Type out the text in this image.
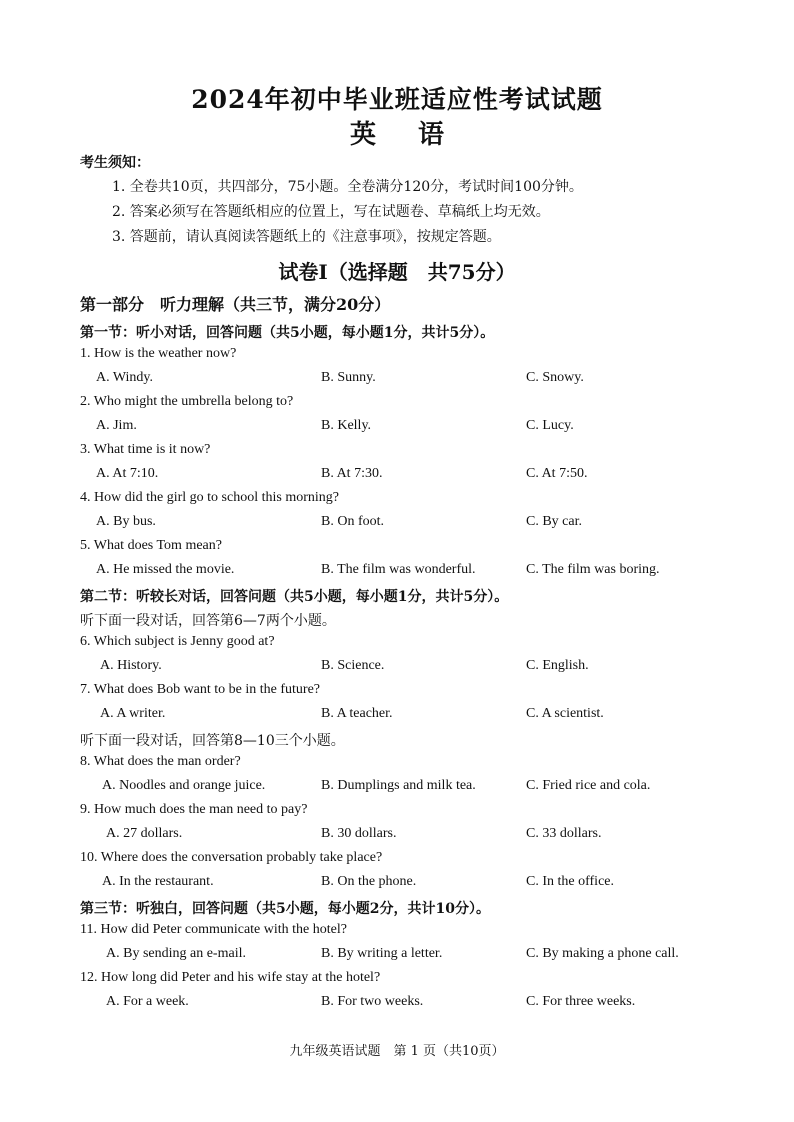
2024年初中毕业班适应性考试试题
英语
考生须知：
1. 全卷共10页，共四部分，75小题。全卷满分120分，考试时间100分钟。
2. 答案必须写在答题纸相应的位置上，写在试题卷、草稿纸上均无效。
3. 答题前，请认真阅读答题纸上的《注意事项》，按规定答题。
试卷Ⅰ（选择题　共75分）
第一部分　听力理解（共三节，满分20分）
第一节：听小对话，回答问题（共5小题，每小题1分，共计5分）。
1. How is the weather now?
A. Windy.	B. Sunny.	C. Snowy.
2. Who might the umbrella belong to?
A. Jim.	B. Kelly.	C. Lucy.
3. What time is it now?
A. At 7:10.	B. At 7:30.	C. At 7:50.
4. How did the girl go to school this morning?
A. By bus.	B. On foot.	C. By car.
5. What does Tom mean?
A. He missed the movie.	B. The film was wonderful.	C. The film was boring.
第二节：听较长对话，回答问题（共5小题，每小题1分，共计5分）。
听下面一段对话，回答第6—7两个小题。
6. Which subject is Jenny good at?
A. History.	B. Science.	C. English.
7. What does Bob want to be in the future?
A. A writer.	B. A teacher.	C. A scientist.
听下面一段对话，回答第8—10三个小题。
8. What does the man order?
A. Noodles and orange juice.	B. Dumplings and milk tea.	C. Fried rice and cola.
9. How much does the man need to pay?
A. 27 dollars.	B. 30 dollars.	C. 33 dollars.
10. Where does the conversation probably take place?
A. In the restaurant.	B. On the phone.	C. In the office.
第三节：听独白，回答问题（共5小题，每小题2分，共计10分）。
11. How did Peter communicate with the hotel?
A. By sending an e-mail.	B. By writing a letter.	C. By making a phone call.
12. How long did Peter and his wife stay at the hotel?
A. For a week.	B. For two weeks.	C. For three weeks.
九年级英语试题　第 1 页（共10页）
